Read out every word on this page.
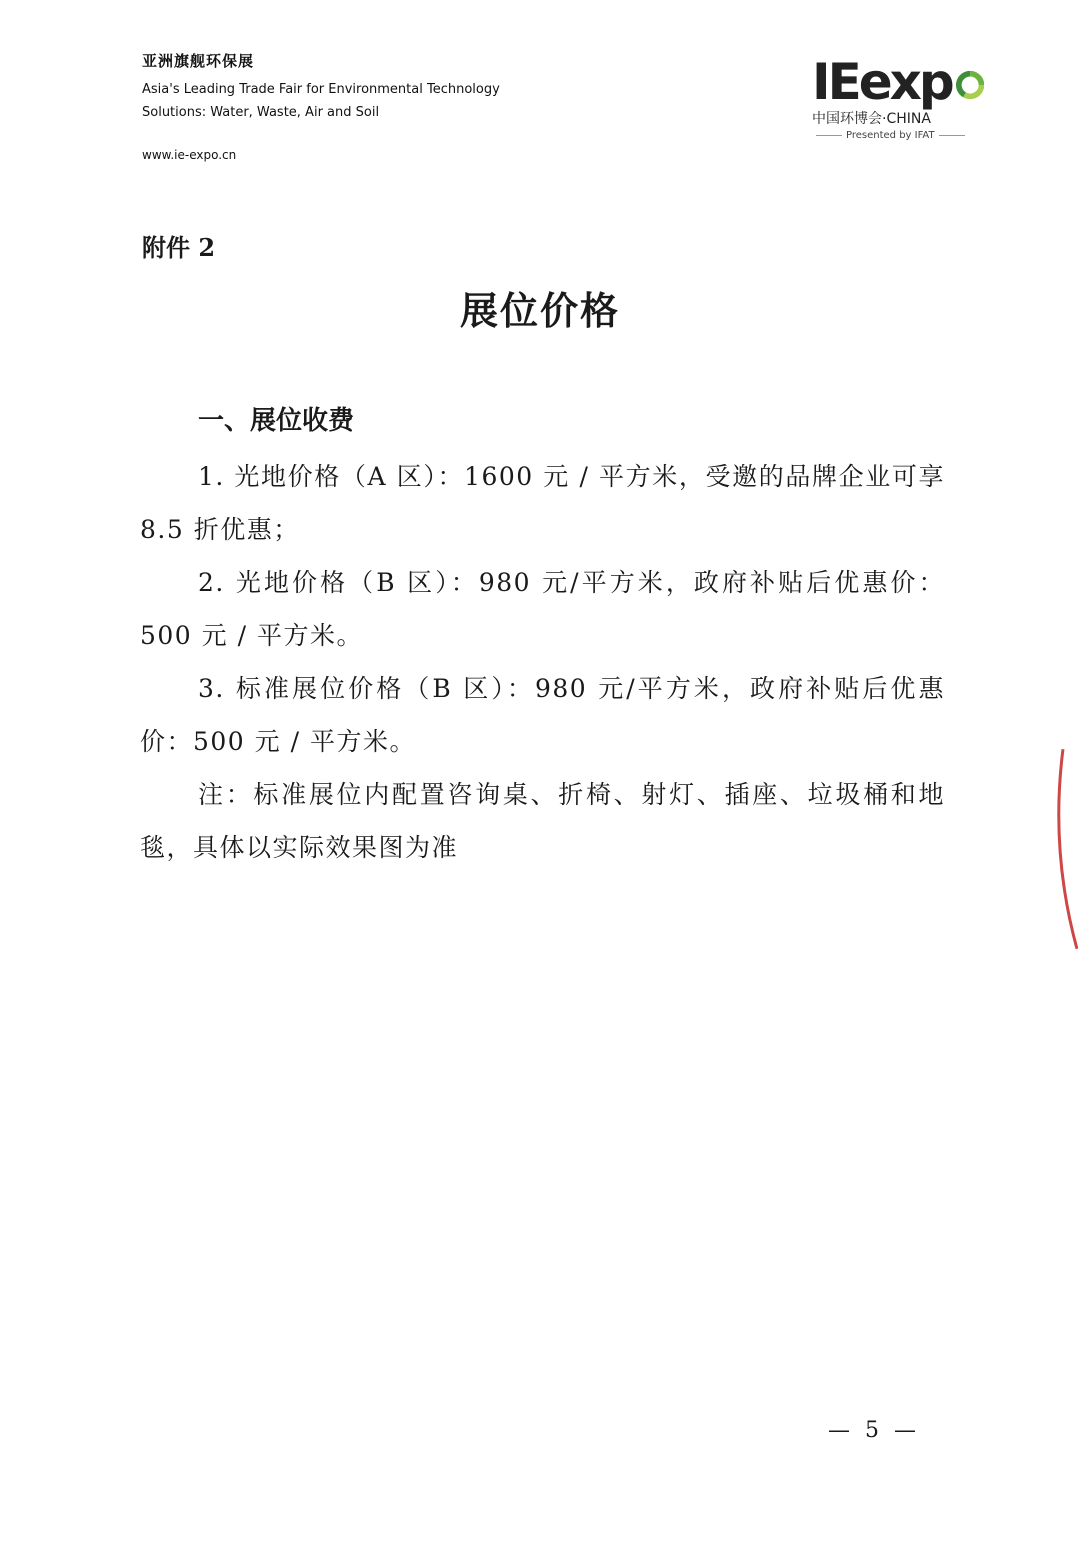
亚洲旗舰环保展
Asia's Leading Trade Fair for Environmental Technology
Solutions: Water, Waste, Air and Soil
www.ie-expo.cn
IEexp
中国环博会·CHINA
Presented by IFAT
附件 2
展位价格
一、展位收费

1. 光地价格（A 区）：1600 元 / 平方米，受邀的品牌企业可享 8.5 折优惠；

2. 光地价格（B 区）：980 元/平方米，政府补贴后优惠价：500 元 / 平方米。

3. 标准展位价格（B 区）：980 元/平方米，政府补贴后优惠价：500 元 / 平方米。

注：标准展位内配置咨询桌、折椅、射灯、插座、垃圾桶和地毯，具体以实际效果图为准

— 5 —
